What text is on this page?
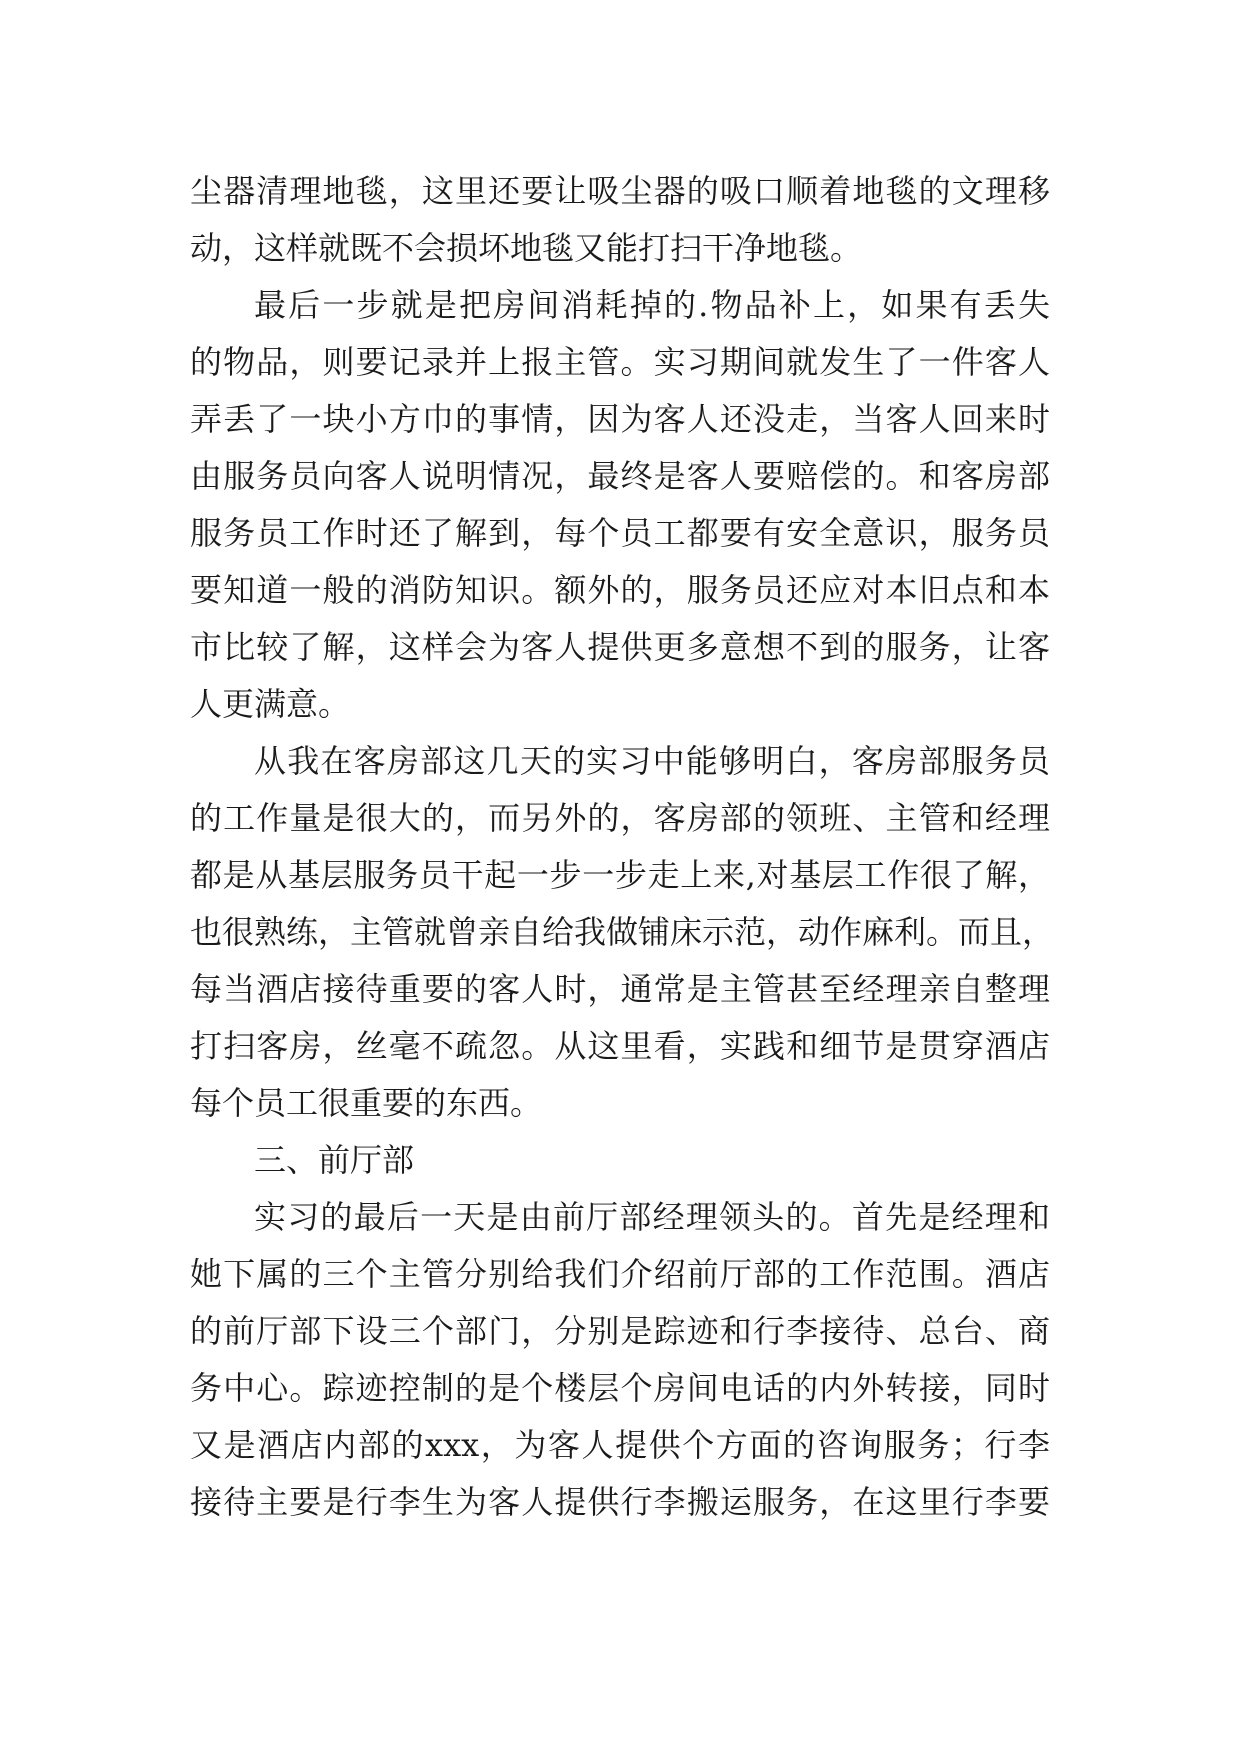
尘器清理地毯，这里还要让吸尘器的吸口顺着地毯的文理移
动，这样就既不会损坏地毯又能打扫干净地毯。
最后一步就是把房间消耗掉的.物品补上，如果有丢失
的物品，则要记录并上报主管。实习期间就发生了一件客人
弄丢了一块小方巾的事情，因为客人还没走，当客人回来时
由服务员向客人说明情况，最终是客人要赔偿的。和客房部
服务员工作时还了解到，每个员工都要有安全意识，服务员
要知道一般的消防知识。额外的，服务员还应对本旧点和本
市比较了解，这样会为客人提供更多意想不到的服务，让客
人更满意。
从我在客房部这几天的实习中能够明白，客房部服务员
的工作量是很大的，而另外的，客房部的领班、主管和经理
都是从基层服务员干起一步一步走上来,对基层工作很了解，
也很熟练，主管就曾亲自给我做铺床示范，动作麻利。而且，
每当酒店接待重要的客人时，通常是主管甚至经理亲自整理
打扫客房，丝毫不疏忽。从这里看，实践和细节是贯穿酒店
每个员工很重要的东西。
三、前厅部
实习的最后一天是由前厅部经理领头的。首先是经理和
她下属的三个主管分别给我们介绍前厅部的工作范围。酒店
的前厅部下设三个部门，分别是踪迹和行李接待、总台、商
务中心。踪迹控制的是个楼层个房间电话的内外转接，同时
又是酒店内部的xxx，为客人提供个方面的咨询服务；行李
接待主要是行李生为客人提供行李搬运服务，在这里行李要
